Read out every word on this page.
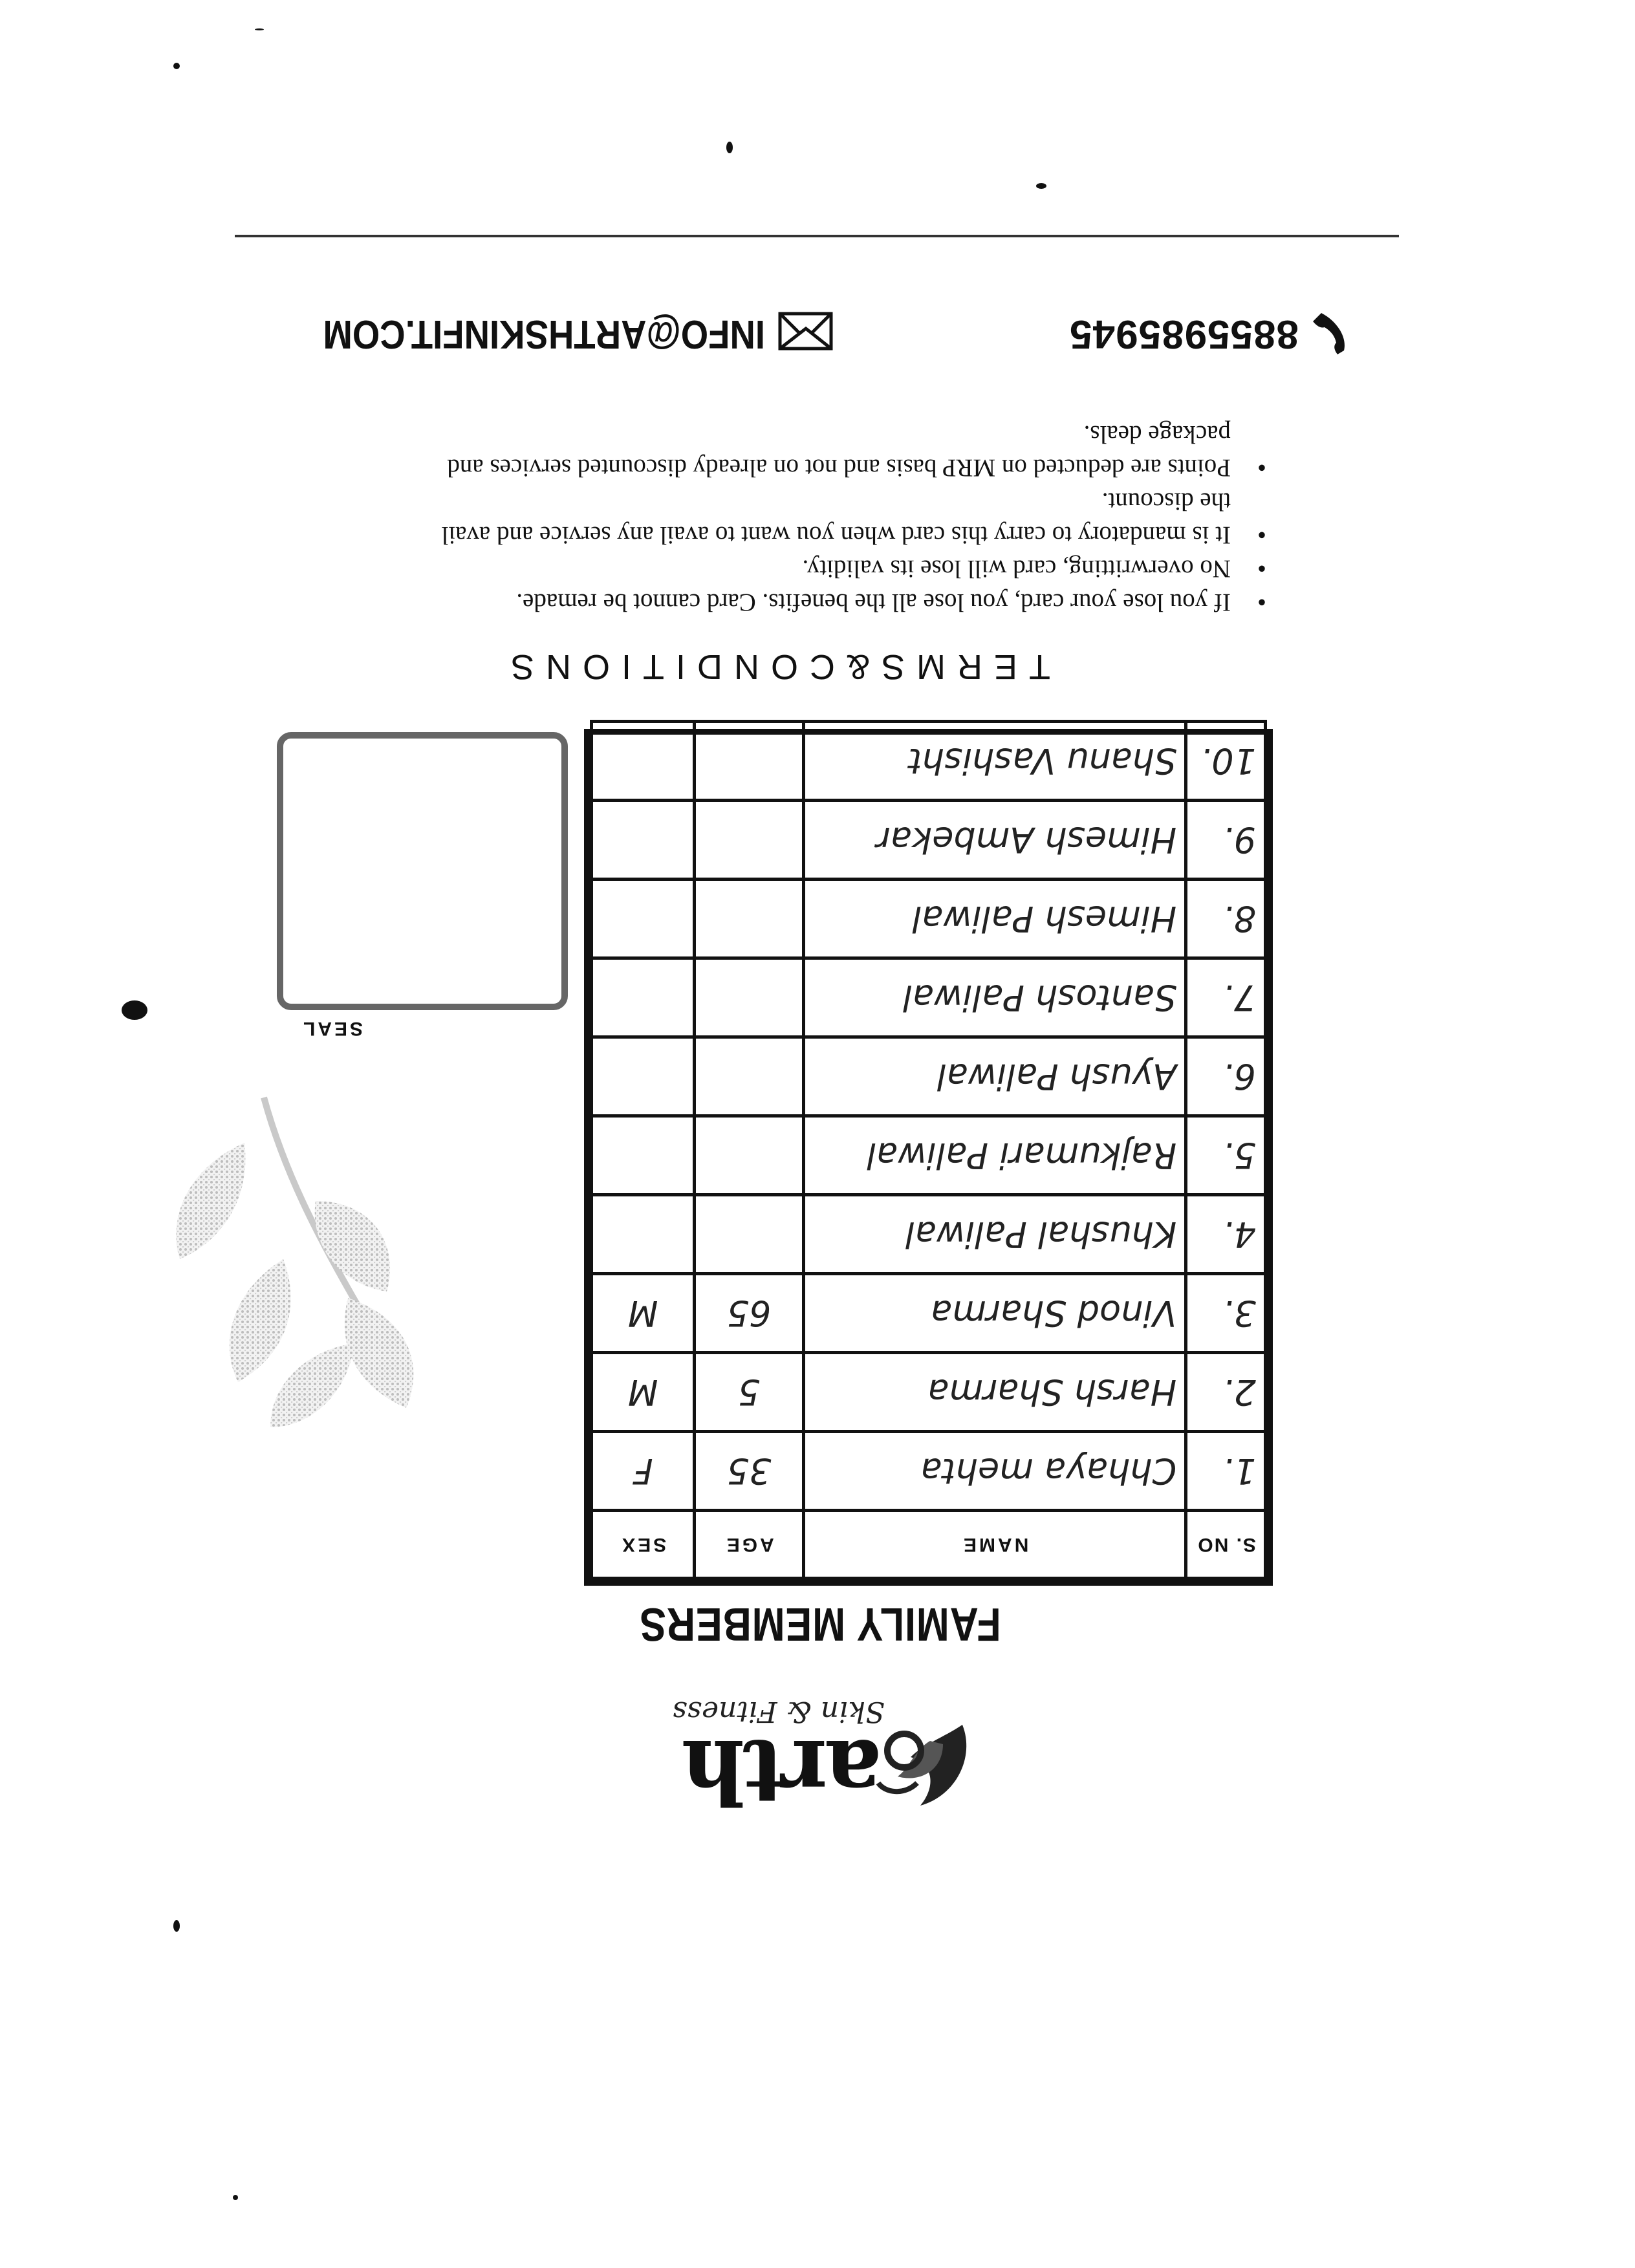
arth
Skin & Fitness
FAMILY MEMBERS
S. NO	NAME	AGE	SEX
1.	Chhaya mehta	35	F
2.	Harsh Sharma	5	M
3.	Vinod Sharma	65	M
4.	Khushal Paliwal		
5.	Rajkumari Paliwal		
6.	Ayush Paliwal		
7.	Santosh Paliwal		
8.	Himesh Paliwal		
9.	Himesh Ambekar		
10.	Shanu Vashisht		
SEAL
TERMS&CONDITIONS
• If you lose your card, you lose all the benefits. Card cannot be remade.
• No overwritting, card will lose its validity.
• It is mandatory to carry this card when you want to avail any service and avail the discount.
• Points are deducted on MRP basis and not on already discounted services and package deals.
8855985945
INFO@ARTHSKINFIT.COM
